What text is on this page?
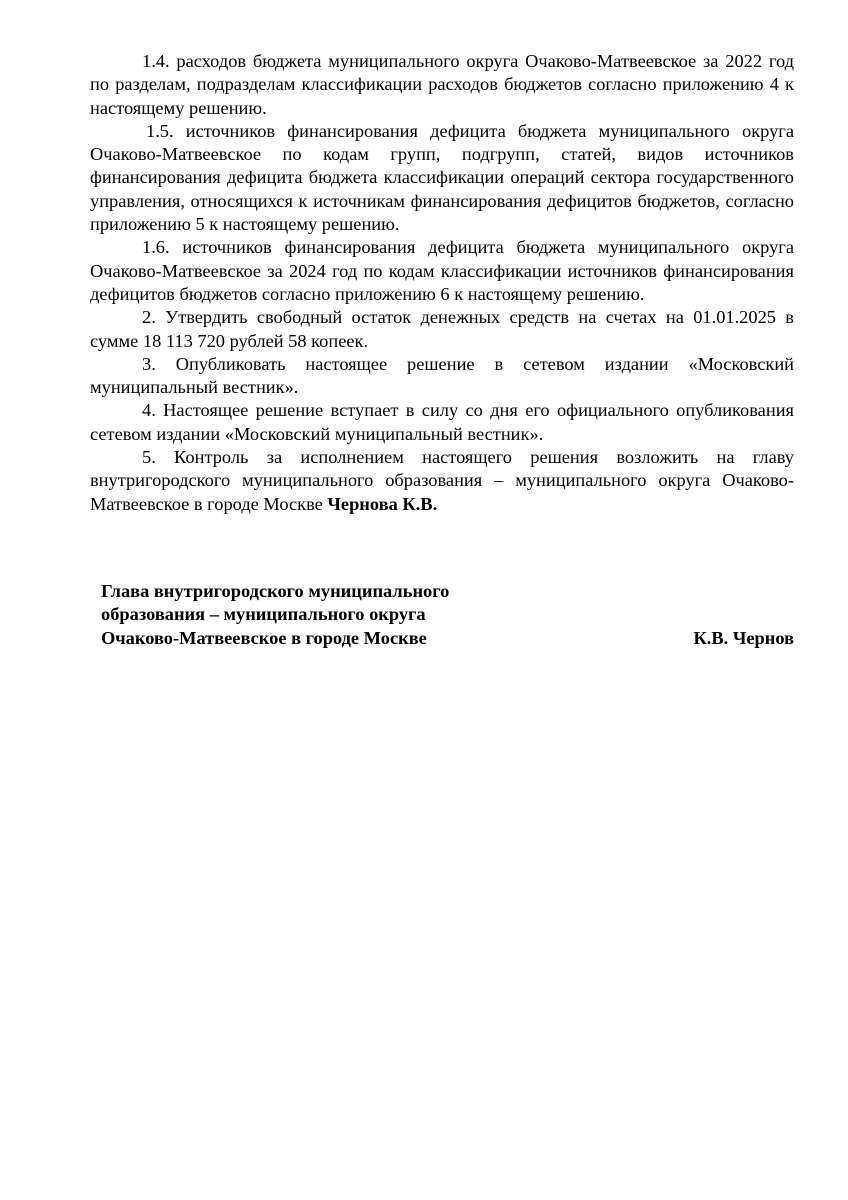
1.4. расходов бюджета муниципального округа Очаково-Матвеевское за 2022 год по разделам, подразделам классификации расходов бюджетов согласно приложению 4 к настоящему решению.

1.5. источников финансирования дефицита бюджета муниципального округа Очаково-Матвеевское по кодам групп, подгрупп, статей, видов источников финансирования дефицита бюджета классификации операций сектора государственного управления, относящихся к источникам финансирования дефицитов бюджетов, согласно приложению 5 к настоящему решению.

1.6. источников финансирования дефицита бюджета муниципального округа Очаково-Матвеевское за 2024 год по кодам классификации источников финансирования дефицитов бюджетов согласно приложению 6 к настоящему решению.

2. Утвердить свободный остаток денежных средств на счетах на 01.01.2025 в сумме 18 113 720 рублей 58 копеек.

3. Опубликовать настоящее решение в сетевом издании «Московский муниципальный вестник».

4. Настоящее решение вступает в силу со дня его официального опубликования сетевом издании «Московский муниципальный вестник».

5. Контроль за исполнением настоящего решения возложить на главу внутригородского муниципального образования – муниципального округа Очаково-Матвеевское в городе Москве Чернова К.В.

Глава внутригородского муниципального
образования – муниципального округа
Очаково-Матвеевское в городе Москве	К.В. Чернов
